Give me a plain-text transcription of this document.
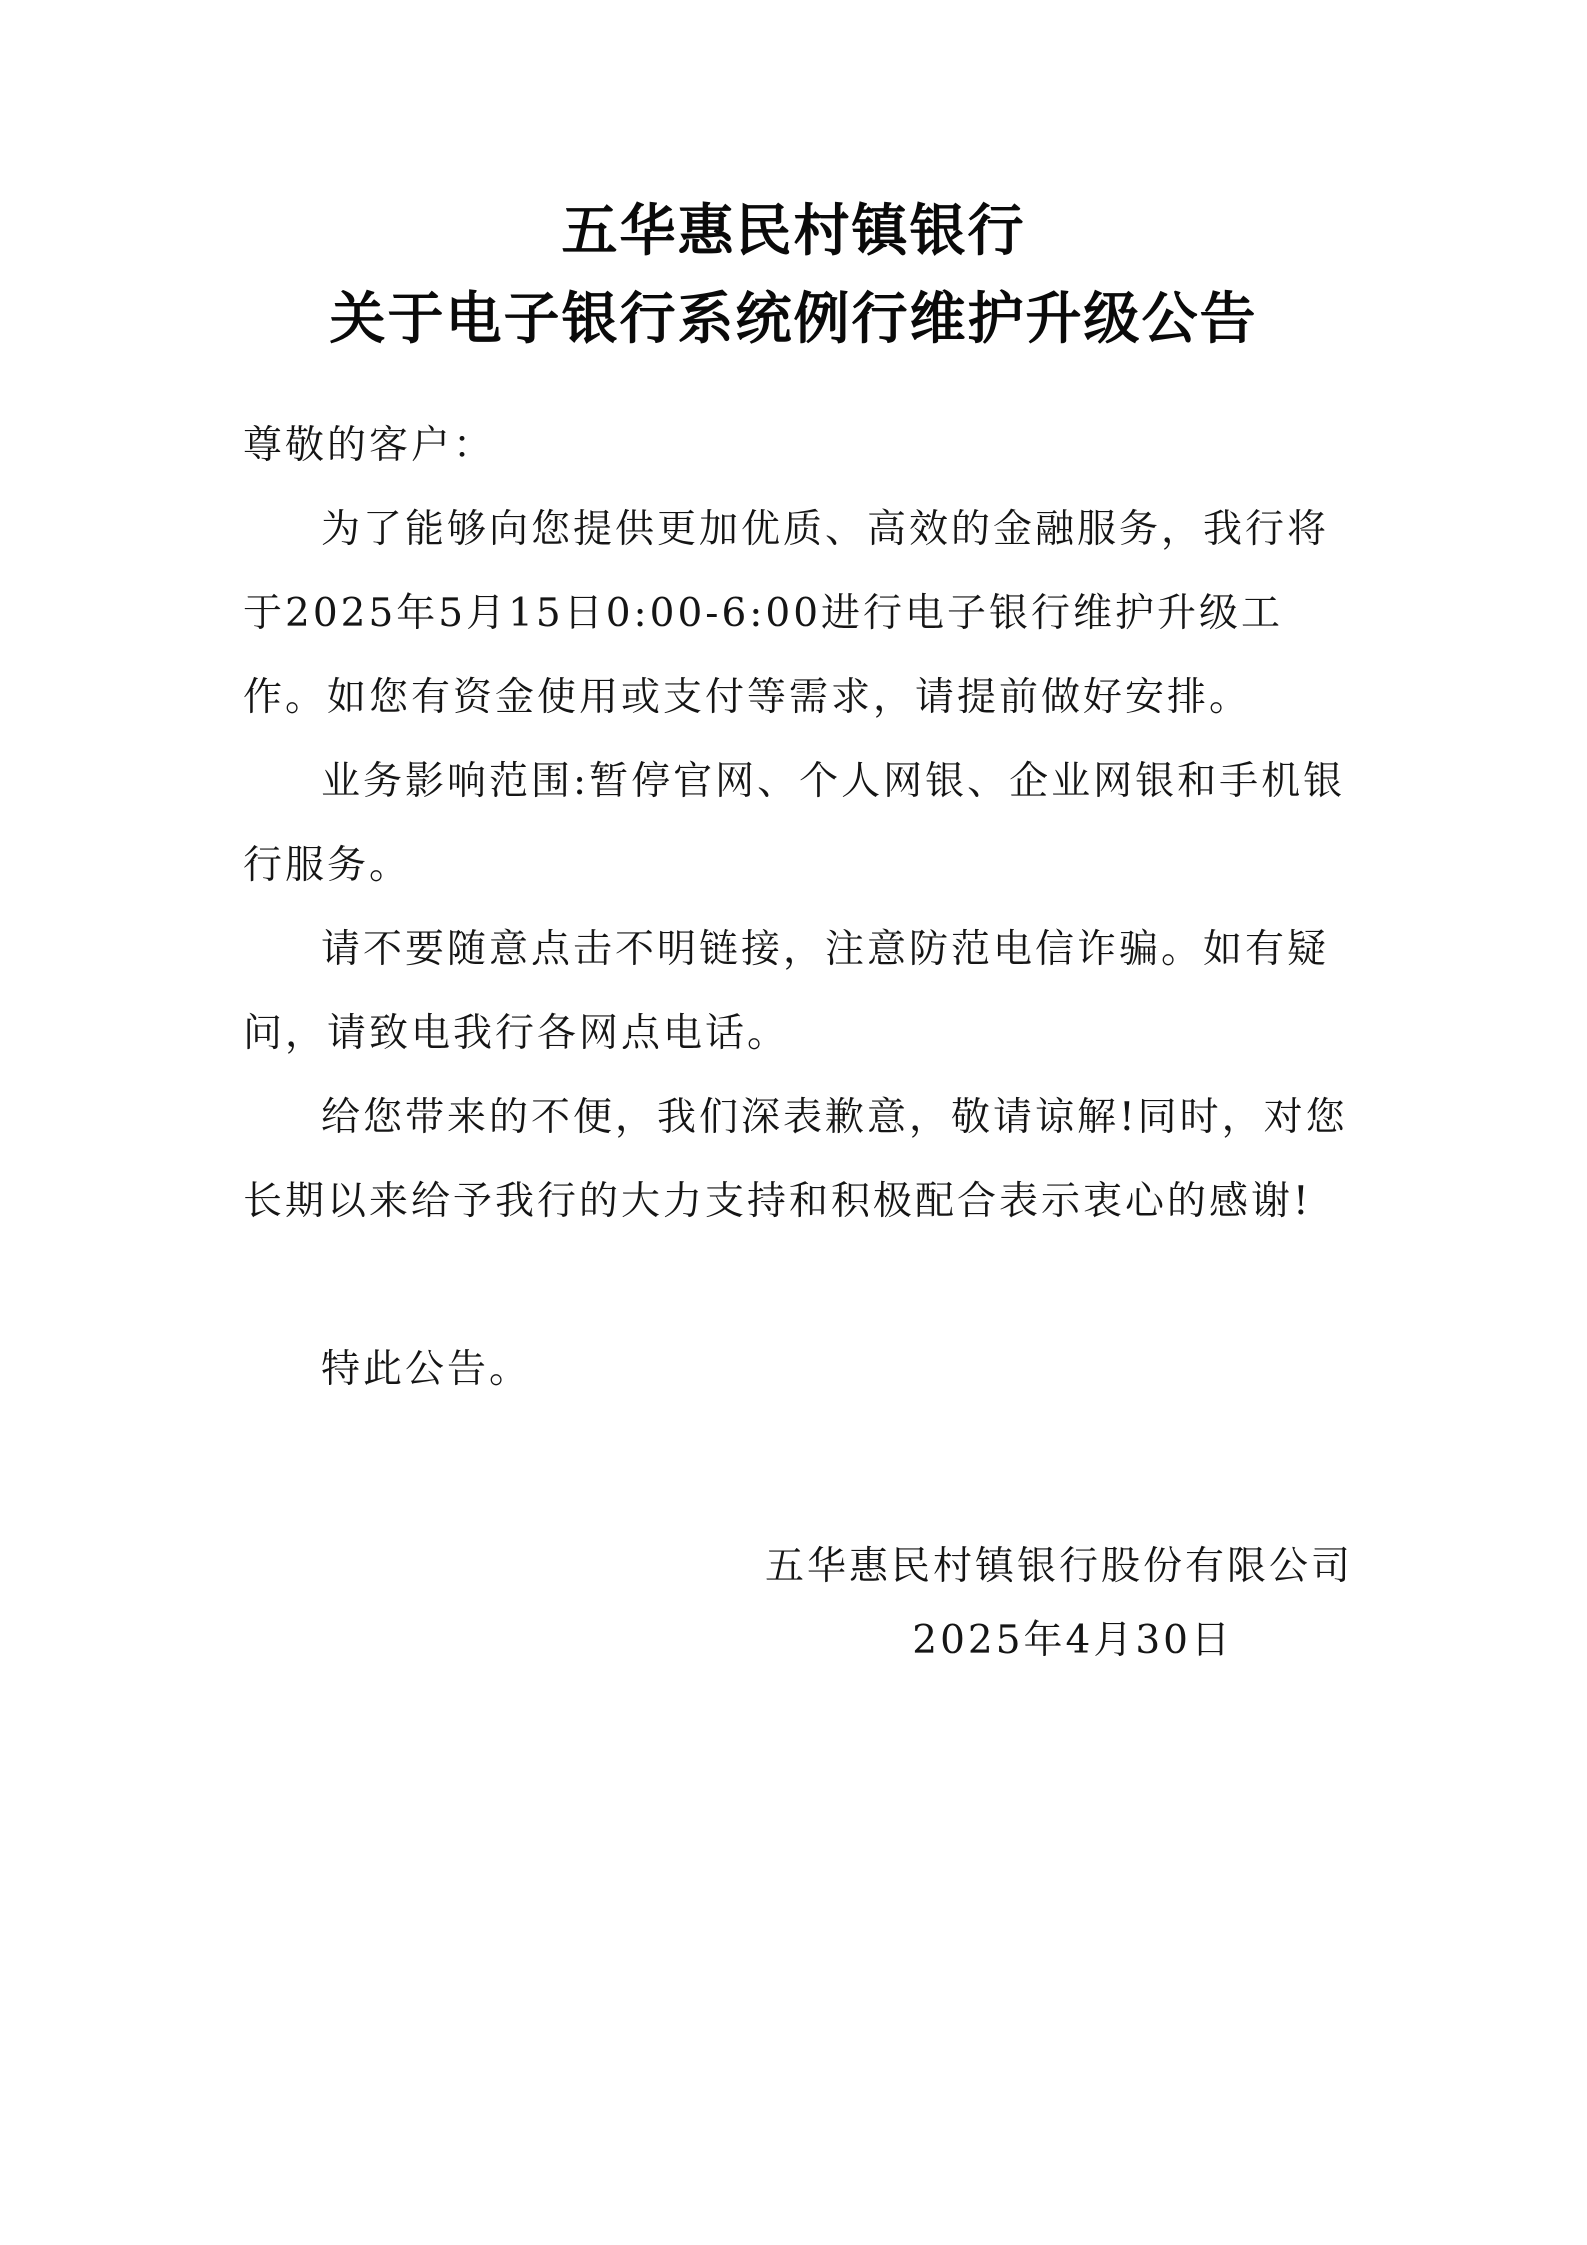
五华惠民村镇银行
关于电子银行系统例行维护升级公告
尊敬的客户：

为了能够向您提供更加优质、高效的金融服务，我行将于2025年5月15日0:00-6:00进行电子银行维护升级工作。如您有资金使用或支付等需求，请提前做好安排。

业务影响范围:暂停官网、个人网银、企业网银和手机银行服务。

请不要随意点击不明链接，注意防范电信诈骗。如有疑问，请致电我行各网点电话。

给您带来的不便，我们深表歉意，敬请谅解!同时，对您长期以来给予我行的大力支持和积极配合表示衷心的感谢!

特此公告。

五华惠民村镇银行股份有限公司
2025年4月30日
